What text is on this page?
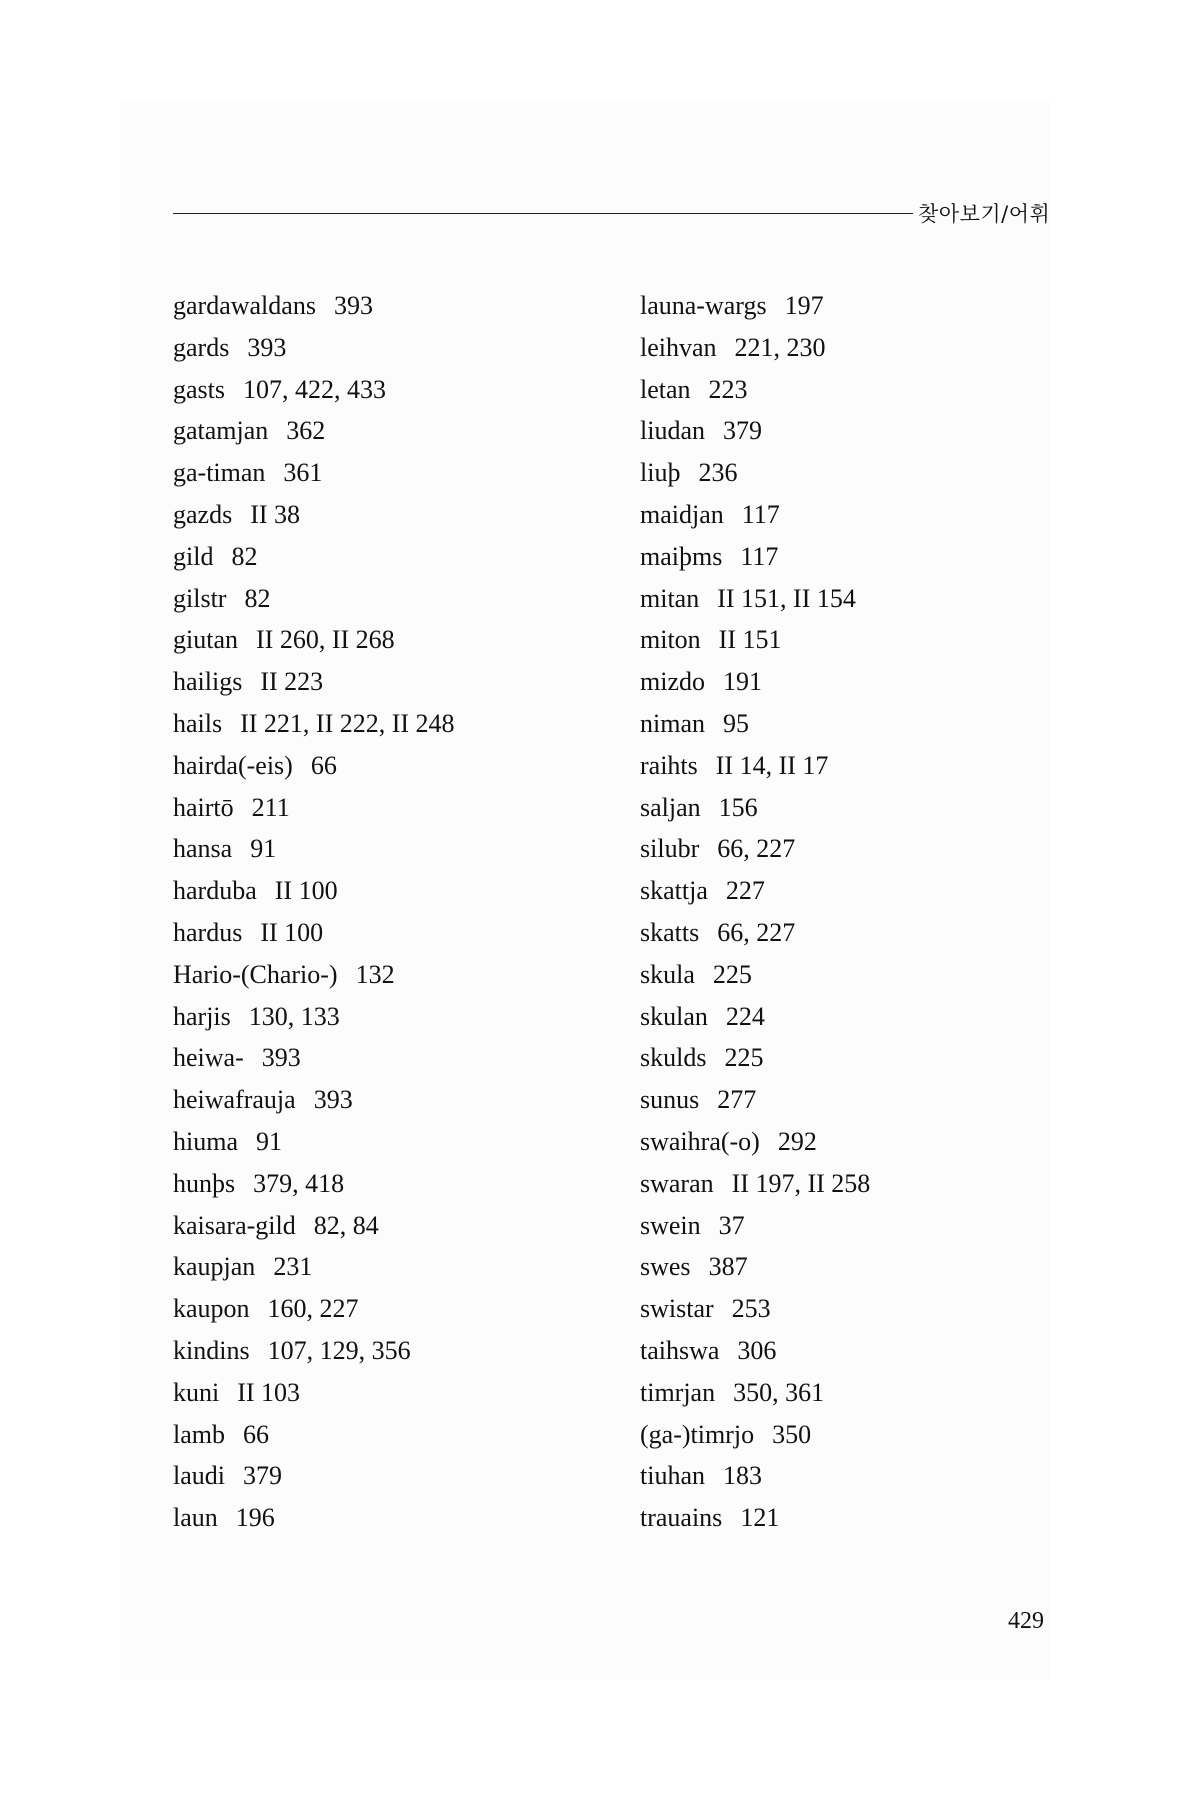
찾아보기/어휘
gardawaldans 393
gards 393
gasts 107, 422, 433
gatamjan 362
ga-timan 361
gazds II 38
gild 82
gilstr 82
giutan II 260, II 268
hailigs II 223
hails II 221, II 222, II 248
hairda(-eis) 66
hairtō 211
hansa 91
harduba II 100
hardus II 100
Hario-(Chario-) 132
harjis 130, 133
heiwa- 393
heiwafrauja 393
hiuma 91
hunþs 379, 418
kaisara-gild 82, 84
kaupjan 231
kaupon 160, 227
kindins 107, 129, 356
kuni II 103
lamb 66
laudi 379
laun 196
launa-wargs 197
leihvan 221, 230
letan 223
liudan 379
liuþ 236
maidjan 117
maiþms 117
mitan II 151, II 154
miton II 151
mizdo 191
niman 95
raihts II 14, II 17
saljan 156
silubr 66, 227
skattja 227
skatts 66, 227
skula 225
skulan 224
skulds 225
sunus 277
swaihra(-o) 292
swaran II 197, II 258
swein 37
swes 387
swistar 253
taihswa 306
timrjan 350, 361
(ga-)timrjo 350
tiuhan 183
trauains 121
429
